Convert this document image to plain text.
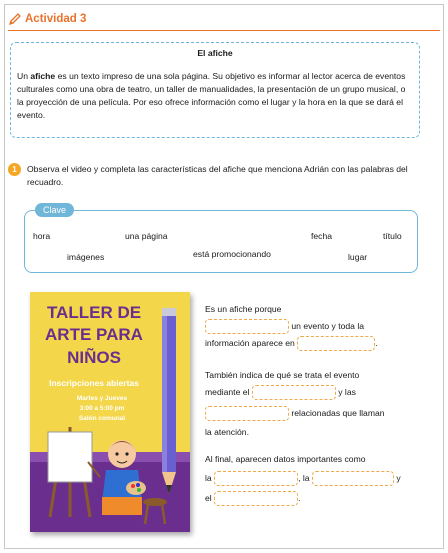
Actividad 3
El afiche
Un afiche es un texto impreso de una sola página. Su objetivo es informar al lector acerca de eventos culturales como una obra de teatro, un taller de manualidades, la presentación de un grupo musical, o la proyección de una película. Por eso ofrece información como el lugar y la hora en la que se dará el evento.
1	Observa el video y completa las características del afiche que menciona Adrián con las palabras del recuadro.
Clave
hora	una página	fecha	título
imágenes	está promocionando	lugar
TALLER DE
ARTE PARA
NIÑOS
Inscripciones abiertas
Martes y Jueves
3:00 a 5:00 pm
Salón comunal
Es un afiche porque
un evento y toda la
información aparece en	.
También indica de qué se trata el evento
mediante el	y las
relacionadas que llaman
la atención.
Al final, aparecen datos importantes como
la	, la	y
el	.
